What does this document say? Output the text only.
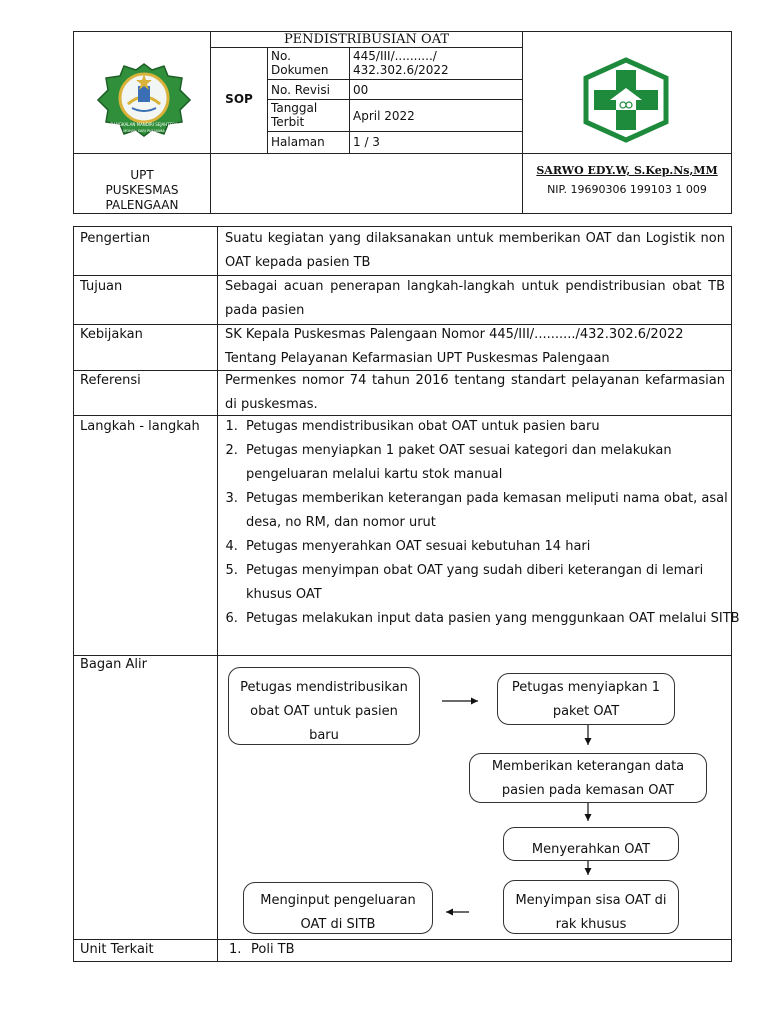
BANGKALAN MANDIRI SEJAHTERA
MOHAN SARI PARAJAMA
PENDISTRIBUSIAN OAT
SOP
No. Dokumen
445/III/........../ 432.302.6/2022
No. Revisi 00
Tanggal Terbit	April 2022
Halaman 1 / 3
UPT PUSKESMAS PALENGAAN
SARWO EDY.W, S.Kep.Ns,MM
NIP. 19690306 199103 1 009
Pengertian	Suatu kegiatan yang dilaksanakan untuk memberikan OAT dan Logistik non OAT kepada pasien TB
Tujuan	Sebagai acuan penerapan langkah-langkah untuk pendistribusian obat TB pada pasien
Kebijakan	SK Kepala Puskesmas Palengaan Nomor 445/III/........../432.302.6/2022
Tentang Pelayanan Kefarmasian UPT Puskesmas Palengaan
Referensi	Permenkes nomor 74 tahun 2016 tentang standart pelayanan kefarmasian di puskesmas.
Langkah - langkah
1.	Petugas mendistribusikan obat OAT untuk pasien baru
2. Petugas menyiapkan 1 paket OAT sesuai kategori dan melakukan pengeluaran melalui kartu stok manual
3. Petugas memberikan keterangan pada kemasan meliputi nama obat, asal desa, no RM, dan nomor urut
4. Petugas menyerahkan OAT sesuai kebutuhan 14 hari
5. Petugas menyimpan obat OAT yang sudah diberi keterangan di lemari khusus OAT
6. Petugas melakukan input data pasien yang menggunkaan OAT melalui SITB
Bagan Alir
Petugas mendistribusikan obat OAT untuk pasien baru
Petugas menyiapkan 1 paket OAT
Memberikan keterangan data pasien pada kemasan OAT
Menyerahkan OAT
Menyimpan sisa OAT di rak khusus
Menginput pengeluaran OAT di SITB
Unit Terkait	1. Poli TB
